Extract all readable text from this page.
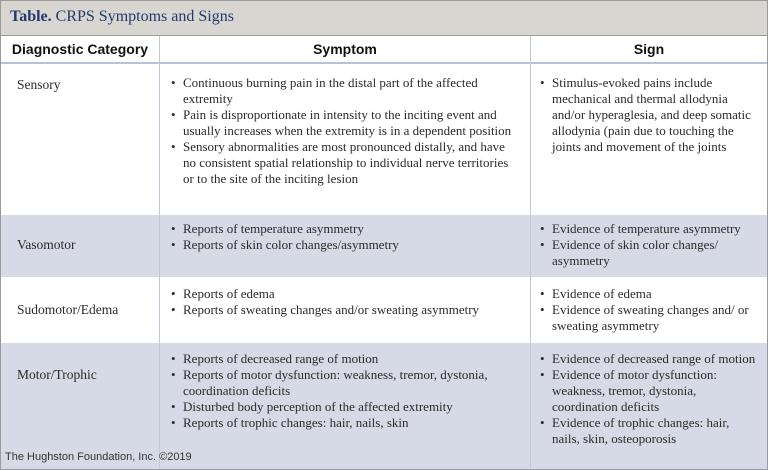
Table. CRPS Symptoms and Signs
Diagnostic Category	Symptom	Sign
Sensory
•	Continuous burning pain in the distal part of the affected extremity
• Pain is disproportionate in intensity to the inciting event and usually increases when the extremity is in a dependent position
• Sensory abnormalities are most pronounced distally, and have no consistent spatial relationship to individual nerve territories or to the site of the inciting lesion
• Stimulus-evoked pains include mechanical and thermal allodynia and/or hyperaglesia, and deep somatic allodynia (pain due to touching the joints and movement of the joints
Vasomotor
• Reports of temperature asymmetry
• Reports of skin color changes/asymmetry
• Evidence of temperature asymmetry
• Evidence of skin color changes/ asymmetry
Sudomotor/Edema
• Reports of edema
• Reports of sweating changes and/or sweating asymmetry
• Evidence of edema
• Evidence of sweating changes and/ or sweating asymmetry
Motor/Trophic
• Reports of decreased range of motion
• Reports of motor dysfunction: weakness, tremor, dystonia, coordination deficits
• Disturbed body perception of the affected extremity
• Reports of trophic changes: hair, nails, skin
• Evidence of decreased range of motion
• Evidence of motor dysfunction: weakness, tremor, dystonia, coordination deficits
• Evidence of trophic changes: hair, nails, skin, osteoporosis
The Hughston Foundation, Inc. ©2019
